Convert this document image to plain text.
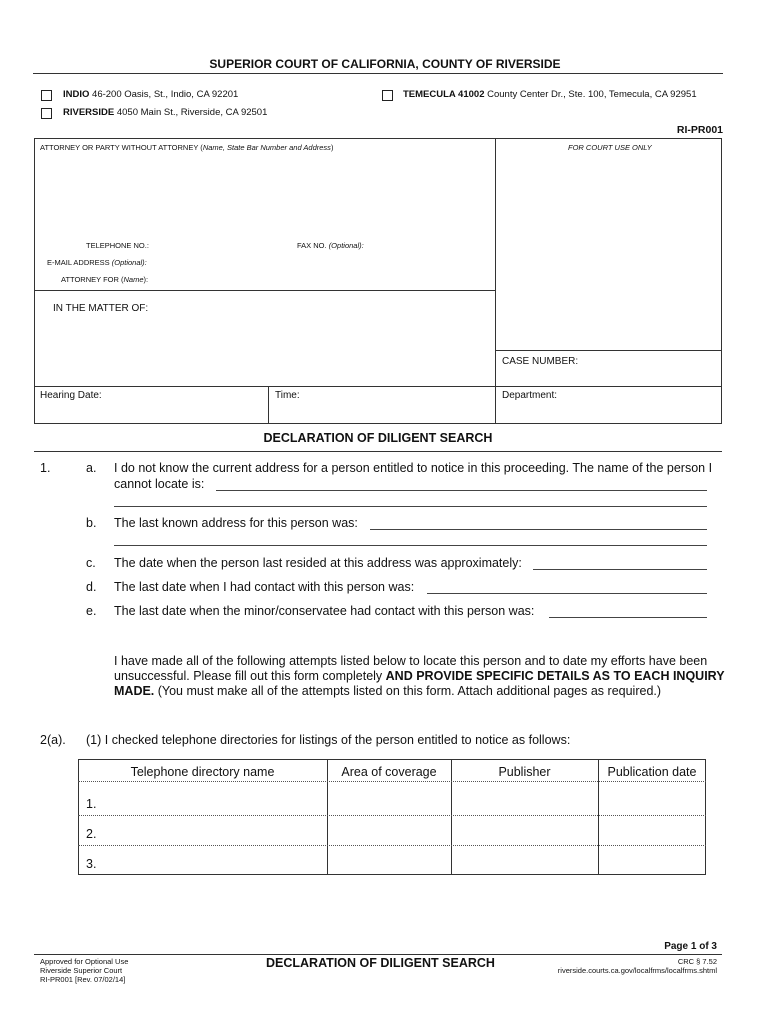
SUPERIOR COURT OF CALIFORNIA, COUNTY OF RIVERSIDE
INDIO 46-200 Oasis, St., Indio, CA 92201
RIVERSIDE 4050 Main St., Riverside, CA 92501
TEMECULA 41002 County Center Dr., Ste. 100, Temecula, CA 92951
RI-PR001
ATTORNEY OR PARTY WITHOUT ATTORNEY (Name, State Bar Number and Address)	FOR COURT USE ONLY
TELEPHONE NO.:	FAX NO. (Optional):
E-MAIL ADDRESS (Optional):
ATTORNEY FOR (Name):
IN THE MATTER OF:
CASE NUMBER:
Hearing Date:	Time:	Department:
DECLARATION OF DILIGENT SEARCH
1.	a. I do not know the current address for a person entitled to notice in this proceeding. The name of the person I
cannot locate is:
b. The last known address for this person was:
c. The date when the person last resided at this address was approximately:
d. The last date when I had contact with this person was:
e. The last date when the minor/conservatee had contact with this person was:
I have made all of the following attempts listed below to locate this person and to date my efforts have been
unsuccessful. Please fill out this form completely AND PROVIDE SPECIFIC DETAILS AS TO EACH INQUIRY
MADE. (You must make all of the attempts listed on this form. Attach additional pages as required.)
2(a). (1) I checked telephone directories for listings of the person entitled to notice as follows:
Telephone directory name	Area of coverage	Publisher	Publication date
1.
2.
3.
Page 1 of 3
Approved for Optional Use
Riverside Superior Court
RI-PR001 [Rev. 07/02/14]
DECLARATION OF DILIGENT SEARCH	CRC § 7.52
riverside.courts.ca.gov/localfrms/localfrms.shtml
